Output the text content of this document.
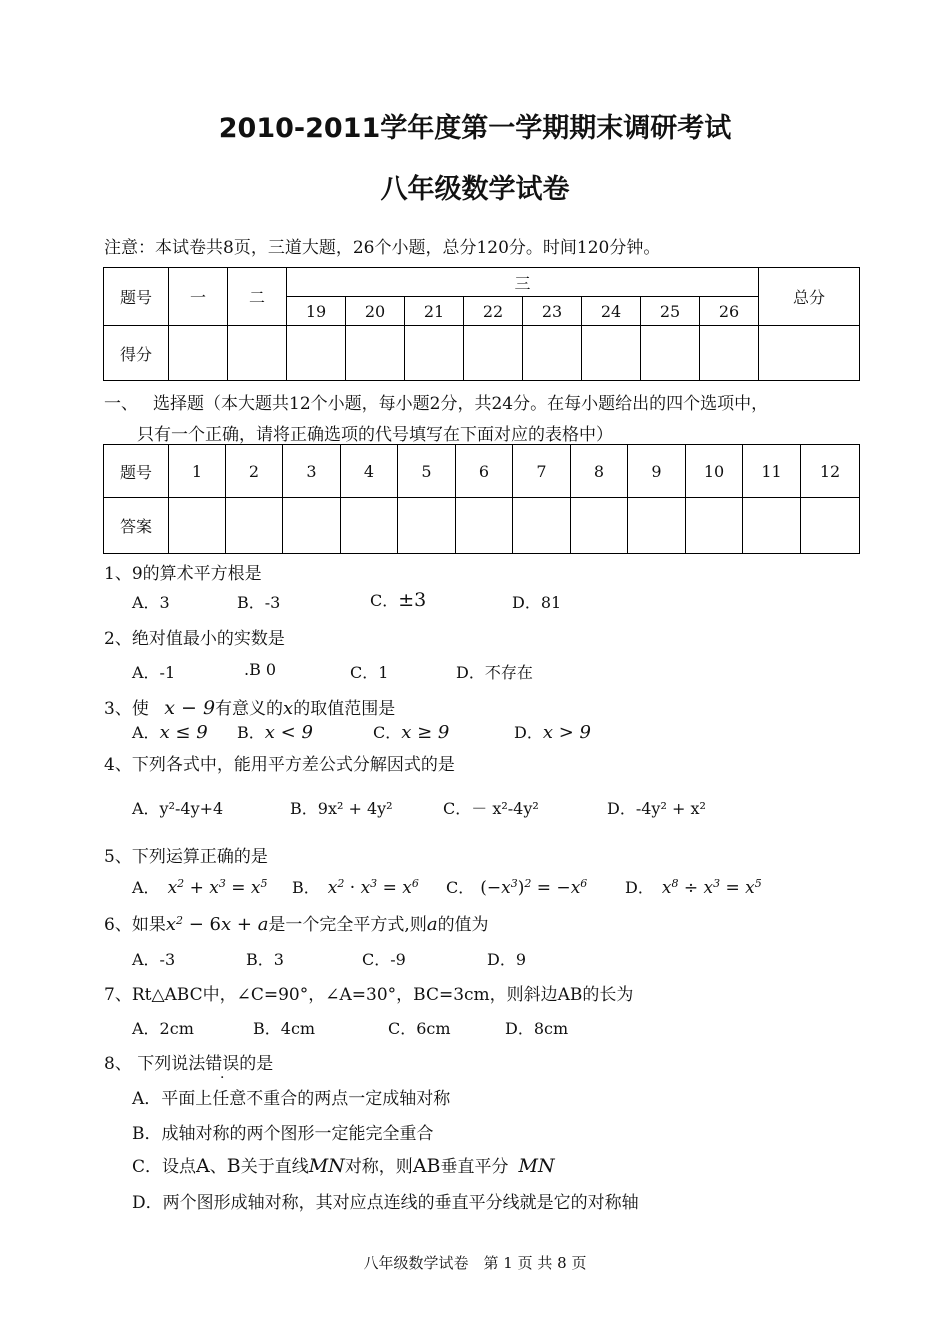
2010-2011学年度第一学期期末调研考试
八年级数学试卷
注意：本试卷共8页，三道大题，26个小题，总分120分。时间120分钟。
题号	一	二	三								总分
			19	20	21	22	23	24	25	26	
得分											
一、 选择题（本大题共12个小题，每小题2分，共24分。在每小题给出的四个选项中，
只有一个正确，请将正确选项的代号填写在下面对应的表格中）
题号	1	2	3	4	5	6	7	8	9	10	11	12
答案												
1、9的算术平方根是
A．3	B．-3	C．±3	D．81
2、绝对值最小的实数是
A．-1	.B 0	C．1	D．不存在
3、使 x − 9有意义的x的取值范围是
A．x ≤ 9 B．x < 9	C．x ≥ 9	D．x > 9
4、下列各式中，能用平方差公式分解因式的是
A．y²-4y+4	B．9x² + 4y²	C．－ x²-4y²	D．-4y² + x²
5、下列运算正确的是
A． $x^2 + x^3 = x^5$ B． $x^2 \cdot x^3 = x^6$ C． $(-x^3)^2 = -x^6$ D． $x^8 \div x^3 = x^5$
6、如果$x^2 - 6x + a$是一个完全平方式,则a的值为
A．-3	B．3	C．-9	D．9
7、Rt△ABC中，∠C=90°，∠A=30°，BC=3cm，则斜边AB的长为
A．2cm	B．4cm	C．6cm	D．8cm
8、 下列说法错误的是
A．平面上任意不重合的两点一定成轴对称
B．成轴对称的两个图形一定能完全重合
C．设点A、B关于直线MN对称，则AB垂直平分 MN
D．两个图形成轴对称，其对应点连线的垂直平分线就是它的对称轴
八年级数学试卷　第 1 页 共 8 页
